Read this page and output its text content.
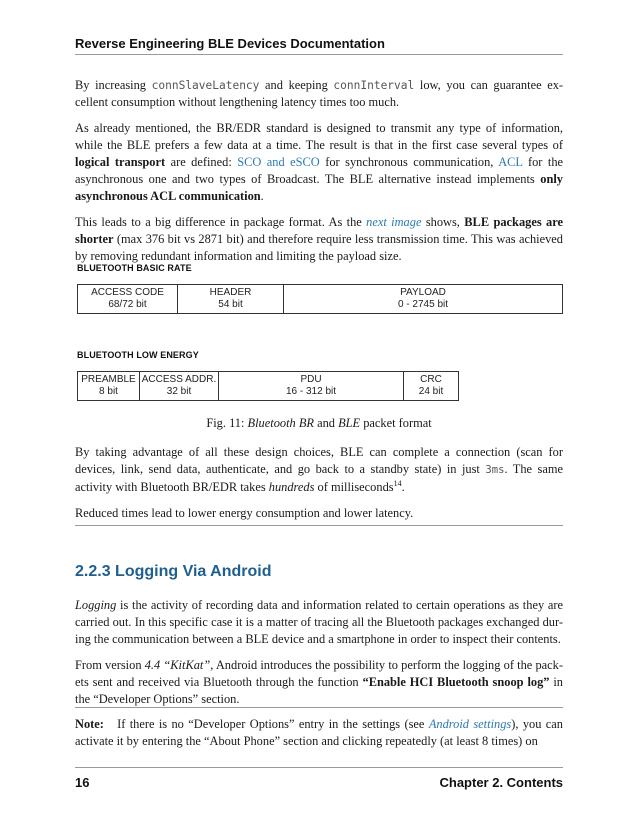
Reverse Engineering BLE Devices Documentation

By increasing connSlaveLatency and keeping connInterval low, you can guarantee ex-cellent consumption without lengthening latency times too much.

As already mentioned, the BR/EDR standard is designed to transmit any type of information, while the BLE prefers a few data at a time. The result is that in the first case several types of logical transport are defined: SCO and eSCO for synchronous communication, ACL for the asynchronous one and two types of Broadcast. The BLE alternative instead implements only asynchronous ACL communication.

This leads to a big difference in package format. As the next image shows, BLE packages are shorter (max 376 bit vs 2871 bit) and therefore require less transmission time. This was achieved by removing redundant information and limiting the payload size.

BLUETOOTH BASIC RATE
ACCESS CODE
68/72 bit
HEADER
54 bit
PAYLOAD
0 - 2745 bit
BLUETOOTH LOW ENERGY
PREAMBLE
8 bit
ACCESS ADDR.
32 bit
PDU
16 - 312 bit
CRC
24 bit
Fig. 11: Bluetooth BR and BLE packet format

By taking advantage of all these design choices, BLE can complete a connection (scan for devices, link, send data, authenticate, and go back to a standby state) in just 3ms. The same activity with Bluetooth BR/EDR takes hundreds of milliseconds$^{14}$.

Reduced times lead to lower energy consumption and lower latency.

2.2.3 Logging Via Android

Logging is the activity of recording data and information related to certain operations as they are carried out. In this specific case it is a matter of tracing all the Bluetooth packages exchanged dur-ing the communication between a BLE device and a smartphone in order to inspect their contents.

From version 4.4 “KitKat”, Android introduces the possibility to perform the logging of the pack-ets sent and received via Bluetooth through the function “Enable HCI Bluetooth snoop log” in the “Developer Options” section.

Note: If there is no “Developer Options” entry in the settings (see Android settings), you can activate it by entering the “About Phone” section and clicking repeatedly (at least 8 times) on
16	Chapter 2. Contents
